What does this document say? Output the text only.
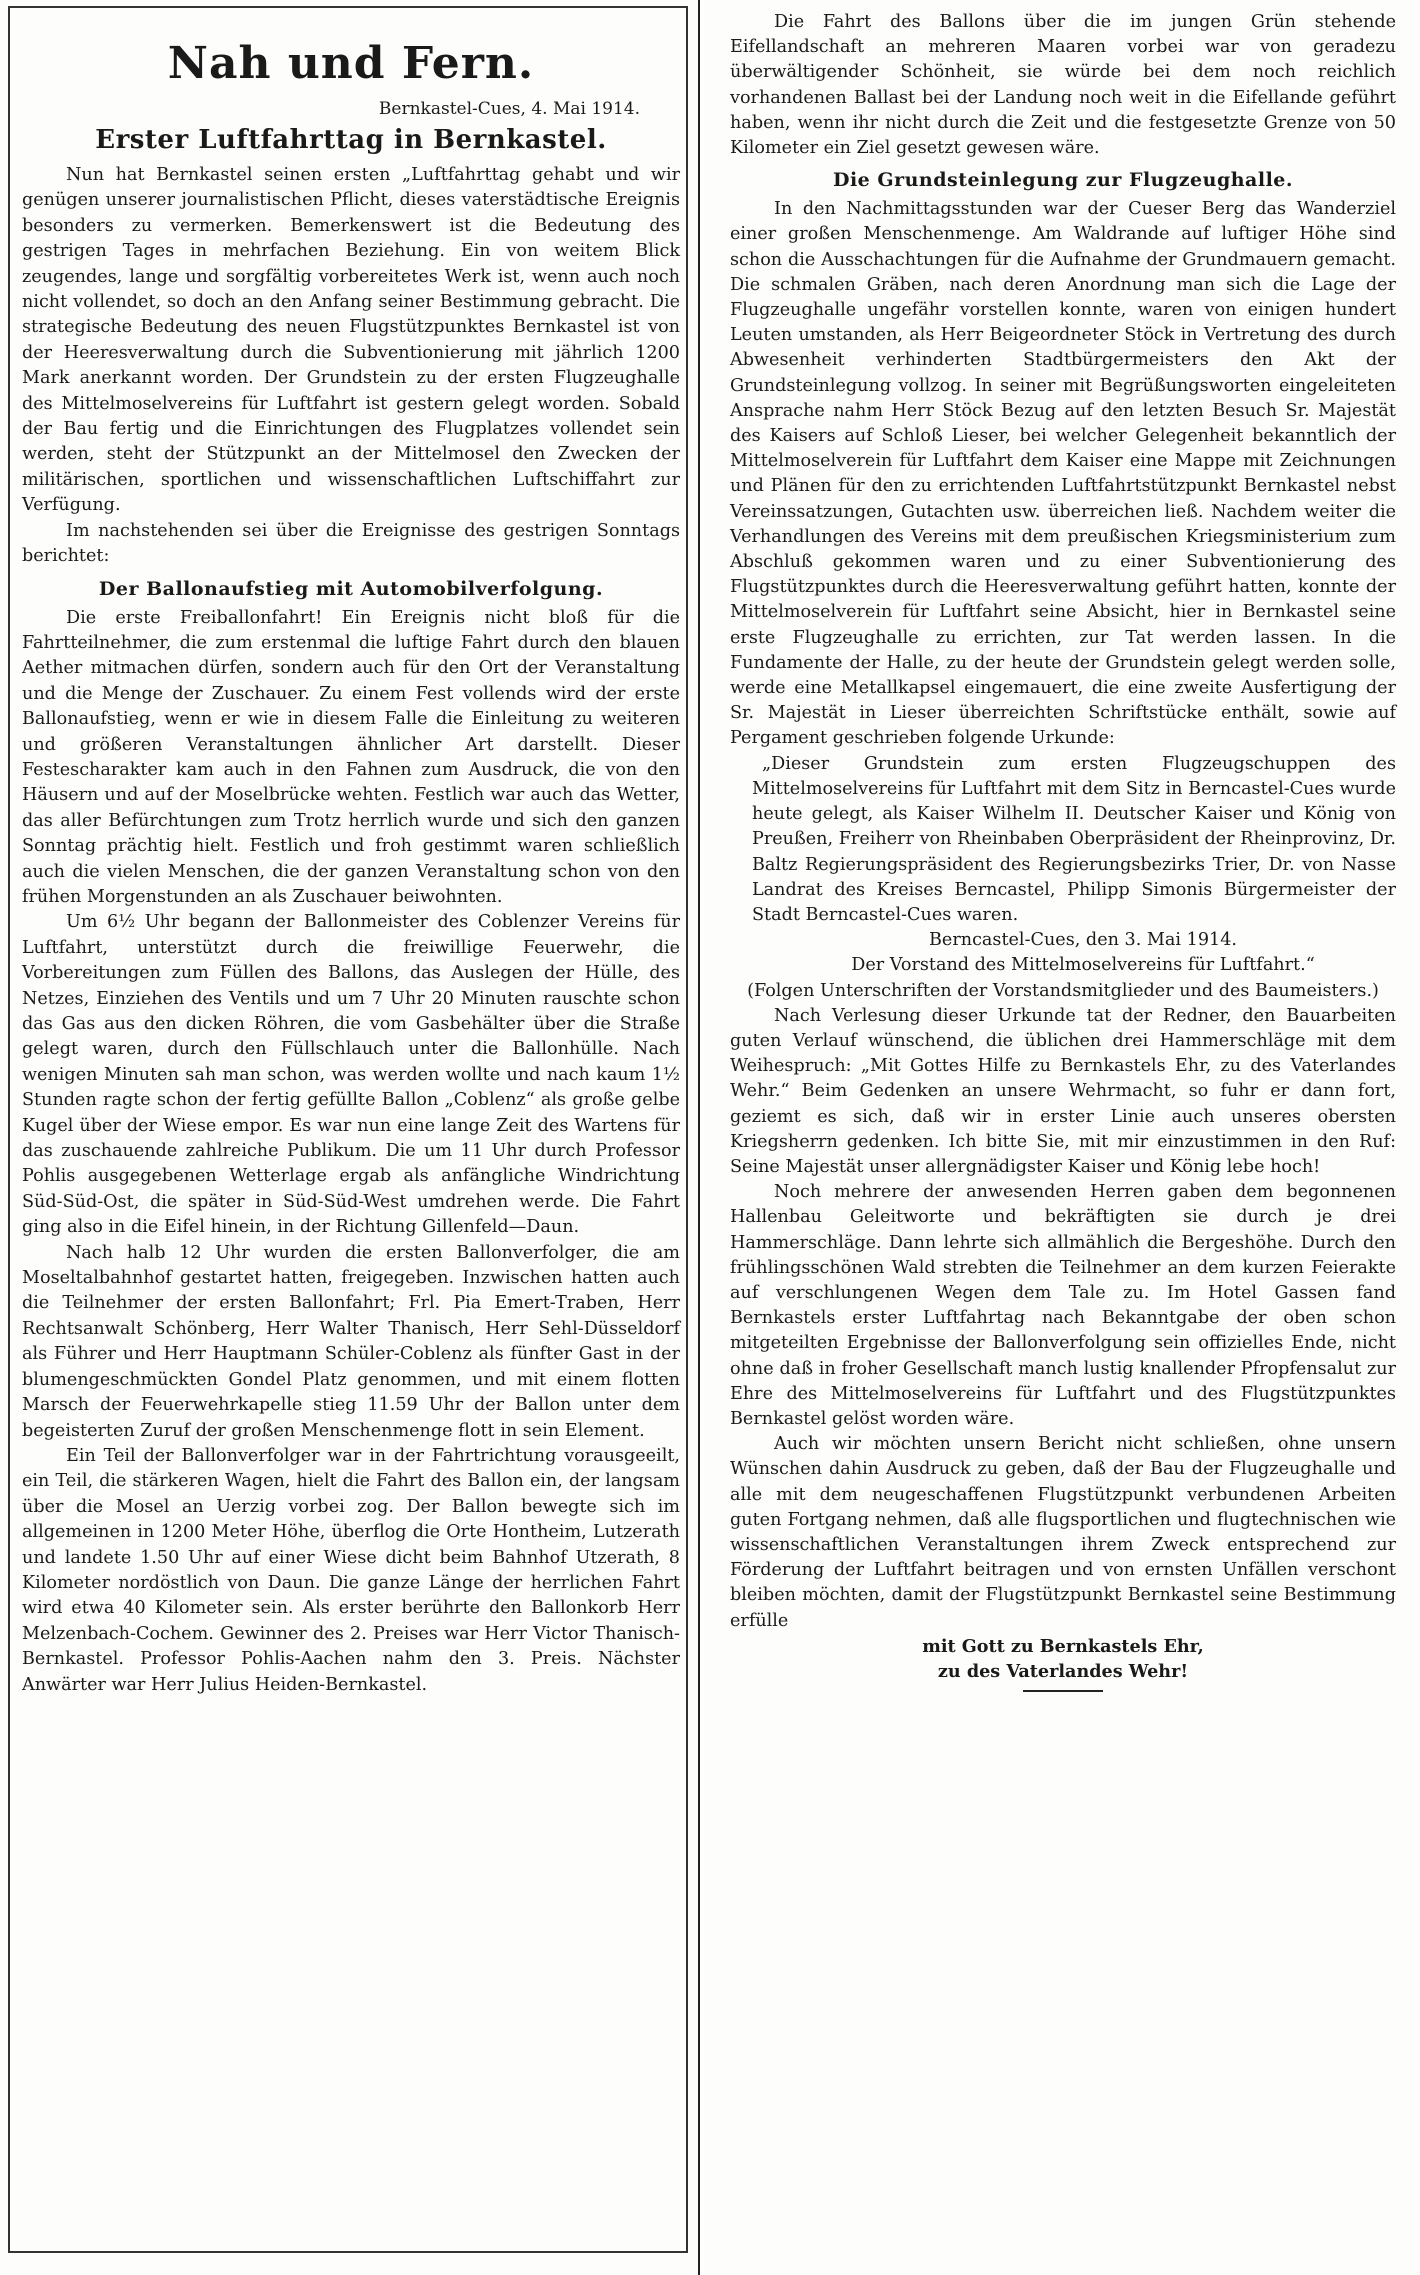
Nah und Fern.
Bernkastel-Cues, 4. Mai 1914.
Erster Luftfahrttag in Bernkastel.

Nun hat Bernkastel seinen ersten „Luftfahrttag gehabt und wir genügen unserer journalistischen Pflicht, dieses vaterstädtische Ereignis besonders zu vermerken. Bemerkenswert ist die Bedeutung des gestrigen Tages in mehrfachen Beziehung. Ein von weitem Blick zeugendes, lange und sorgfältig vorbereitetes Werk ist, wenn auch noch nicht vollendet, so doch an den Anfang seiner Bestimmung gebracht. Die strategische Bedeutung des neuen Flugstützpunktes Bernkastel ist von der Heeresverwaltung durch die Subventionierung mit jährlich 1200 Mark anerkannt worden. Der Grundstein zu der ersten Flugzeughalle des Mittelmoselvereins für Luftfahrt ist gestern gelegt worden. Sobald der Bau fertig und die Einrichtungen des Flugplatzes vollendet sein werden, steht der Stützpunkt an der Mittelmosel den Zwecken der militärischen, sportlichen und wissenschaftlichen Luftschiffahrt zur Verfügung.

Im nachstehenden sei über die Ereignisse des gestrigen Sonntags berichtet:

Der Ballonaufstieg mit Automobilverfolgung.

Die erste Freiballonfahrt! Ein Ereignis nicht bloß für die Fahrtteilnehmer, die zum erstenmal die luftige Fahrt durch den blauen Aether mitmachen dürfen, sondern auch für den Ort der Veranstaltung und die Menge der Zuschauer. Zu einem Fest vollends wird der erste Ballonaufstieg, wenn er wie in diesem Falle die Einleitung zu weiteren und größeren Veranstaltungen ähnlicher Art darstellt. Dieser Festescharakter kam auch in den Fahnen zum Ausdruck, die von den Häusern und auf der Moselbrücke wehten. Festlich war auch das Wetter, das aller Befürchtungen zum Trotz herrlich wurde und sich den ganzen Sonntag prächtig hielt. Festlich und froh gestimmt waren schließlich auch die vielen Menschen, die der ganzen Veranstaltung schon von den frühen Morgenstunden an als Zuschauer beiwohnten.

Um 6½ Uhr begann der Ballonmeister des Coblenzer Vereins für Luftfahrt, unterstützt durch die freiwillige Feuerwehr, die Vorbereitungen zum Füllen des Ballons, das Auslegen der Hülle, des Netzes, Einziehen des Ventils und um 7 Uhr 20 Minuten rauschte schon das Gas aus den dicken Röhren, die vom Gasbehälter über die Straße gelegt waren, durch den Füllschlauch unter die Ballonhülle. Nach wenigen Minuten sah man schon, was werden wollte und nach kaum 1½ Stunden ragte schon der fertig gefüllte Ballon „Coblenz“ als große gelbe Kugel über der Wiese empor. Es war nun eine lange Zeit des Wartens für das zuschauende zahlreiche Publikum. Die um 11 Uhr durch Professor Pohlis ausgegebenen Wetterlage ergab als anfängliche Windrichtung Süd-Süd-Ost, die später in Süd-Süd-West umdrehen werde. Die Fahrt ging also in die Eifel hinein, in der Richtung Gillenfeld—Daun.

Nach halb 12 Uhr wurden die ersten Ballonverfolger, die am Moseltalbahnhof gestartet hatten, freigegeben. Inzwischen hatten auch die Teilnehmer der ersten Ballonfahrt; Frl. Pia Emert-Traben, Herr Rechtsanwalt Schönberg, Herr Walter Thanisch, Herr Sehl-Düsseldorf als Führer und Herr Hauptmann Schüler-Coblenz als fünfter Gast in der blumengeschmückten Gondel Platz genommen, und mit einem flotten Marsch der Feuerwehrkapelle stieg 11.59 Uhr der Ballon unter dem begeisterten Zuruf der großen Menschenmenge flott in sein Element.

Ein Teil der Ballonverfolger war in der Fahrtrichtung vorausgeeilt, ein Teil, die stärkeren Wagen, hielt die Fahrt des Ballon ein, der langsam über die Mosel an Uerzig vorbei zog. Der Ballon bewegte sich im allgemeinen in 1200 Meter Höhe, überflog die Orte Hontheim, Lutzerath und landete 1.50 Uhr auf einer Wiese dicht beim Bahnhof Utzerath, 8 Kilometer nordöstlich von Daun. Die ganze Länge der herrlichen Fahrt wird etwa 40 Kilometer sein. Als erster berührte den Ballonkorb Herr Melzenbach-Cochem. Gewinner des 2. Preises war Herr Victor Thanisch-Bernkastel. Professor Pohlis-Aachen nahm den 3. Preis. Nächster Anwärter war Herr Julius Heiden-Bernkastel.

Die Fahrt des Ballons über die im jungen Grün stehende Eifellandschaft an mehreren Maaren vorbei war von geradezu überwältigender Schönheit, sie würde bei dem noch reichlich vorhandenen Ballast bei der Landung noch weit in die Eifellande geführt haben, wenn ihr nicht durch die Zeit und die festgesetzte Grenze von 50 Kilometer ein Ziel gesetzt gewesen wäre.

Die Grundsteinlegung zur Flugzeughalle.

In den Nachmittagsstunden war der Cueser Berg das Wanderziel einer großen Menschenmenge. Am Waldrande auf luftiger Höhe sind schon die Ausschachtungen für die Aufnahme der Grundmauern gemacht. Die schmalen Gräben, nach deren Anordnung man sich die Lage der Flugzeughalle ungefähr vorstellen konnte, waren von einigen hundert Leuten umstanden, als Herr Beigeordneter Stöck in Vertretung des durch Abwesenheit verhinderten Stadtbürgermeisters den Akt der Grundsteinlegung vollzog. In seiner mit Begrüßungsworten eingeleiteten Ansprache nahm Herr Stöck Bezug auf den letzten Besuch Sr. Majestät des Kaisers auf Schloß Lieser, bei welcher Gelegenheit bekanntlich der Mittelmoselverein für Luftfahrt dem Kaiser eine Mappe mit Zeichnungen und Plänen für den zu errichtenden Luftfahrtstützpunkt Bernkastel nebst Vereinssatzungen, Gutachten usw. überreichen ließ. Nachdem weiter die Verhandlungen des Vereins mit dem preußischen Kriegsministerium zum Abschluß gekommen waren und zu einer Subventionierung des Flugstützpunktes durch die Heeresverwaltung geführt hatten, konnte der Mittelmoselverein für Luftfahrt seine Absicht, hier in Bernkastel seine erste Flugzeughalle zu errichten, zur Tat werden lassen. In die Fundamente der Halle, zu der heute der Grundstein gelegt werden solle, werde eine Metallkapsel eingemauert, die eine zweite Ausfertigung der Sr. Majestät in Lieser überreichten Schriftstücke enthält, sowie auf Pergament geschrieben folgende Urkunde:

„Dieser Grundstein zum ersten Flugzeugschuppen des Mittelmoselvereins für Luftfahrt mit dem Sitz in Berncastel-Cues wurde heute gelegt, als Kaiser Wilhelm II. Deutscher Kaiser und König von Preußen, Freiherr von Rheinbaben Oberpräsident der Rheinprovinz, Dr. Baltz Regierungspräsident des Regierungsbezirks Trier, Dr. von Nasse Landrat des Kreises Berncastel, Philipp Simonis Bürgermeister der Stadt Berncastel-Cues waren.

Berncastel-Cues, den 3. Mai 1914.

Der Vorstand des Mittelmoselvereins für Luftfahrt.“

(Folgen Unterschriften der Vorstandsmitglieder und des Baumeisters.)

Nach Verlesung dieser Urkunde tat der Redner, den Bauarbeiten guten Verlauf wünschend, die üblichen drei Hammerschläge mit dem Weihespruch: „Mit Gottes Hilfe zu Bernkastels Ehr, zu des Vaterlandes Wehr.“ Beim Gedenken an unsere Wehrmacht, so fuhr er dann fort, geziemt es sich, daß wir in erster Linie auch unseres obersten Kriegsherrn gedenken. Ich bitte Sie, mit mir einzustimmen in den Ruf: Seine Majestät unser allergnädigster Kaiser und König lebe hoch!

Noch mehrere der anwesenden Herren gaben dem begonnenen Hallenbau Geleitworte und bekräftigten sie durch je drei Hammerschläge. Dann lehrte sich allmählich die Bergeshöhe. Durch den frühlingsschönen Wald strebten die Teilnehmer an dem kurzen Feierakte auf verschlungenen Wegen dem Tale zu. Im Hotel Gassen fand Bernkastels erster Luftfahrtag nach Bekanntgabe der oben schon mitgeteilten Ergebnisse der Ballonverfolgung sein offizielles Ende, nicht ohne daß in froher Gesellschaft manch lustig knallender Pfropfensalut zur Ehre des Mittelmoselvereins für Luftfahrt und des Flugstützpunktes Bernkastel gelöst worden wäre.

Auch wir möchten unsern Bericht nicht schließen, ohne unsern Wünschen dahin Ausdruck zu geben, daß der Bau der Flugzeughalle und alle mit dem neugeschaffenen Flugstützpunkt verbundenen Arbeiten guten Fortgang nehmen, daß alle flugsportlichen und flugtechnischen wie wissenschaftlichen Veranstaltungen ihrem Zweck entsprechend zur Förderung der Luftfahrt beitragen und von ernsten Unfällen verschont bleiben möchten, damit der Flugstützpunkt Bernkastel seine Bestimmung erfülle

mit Gott zu Bernkastels Ehr,

zu des Vaterlandes Wehr!
